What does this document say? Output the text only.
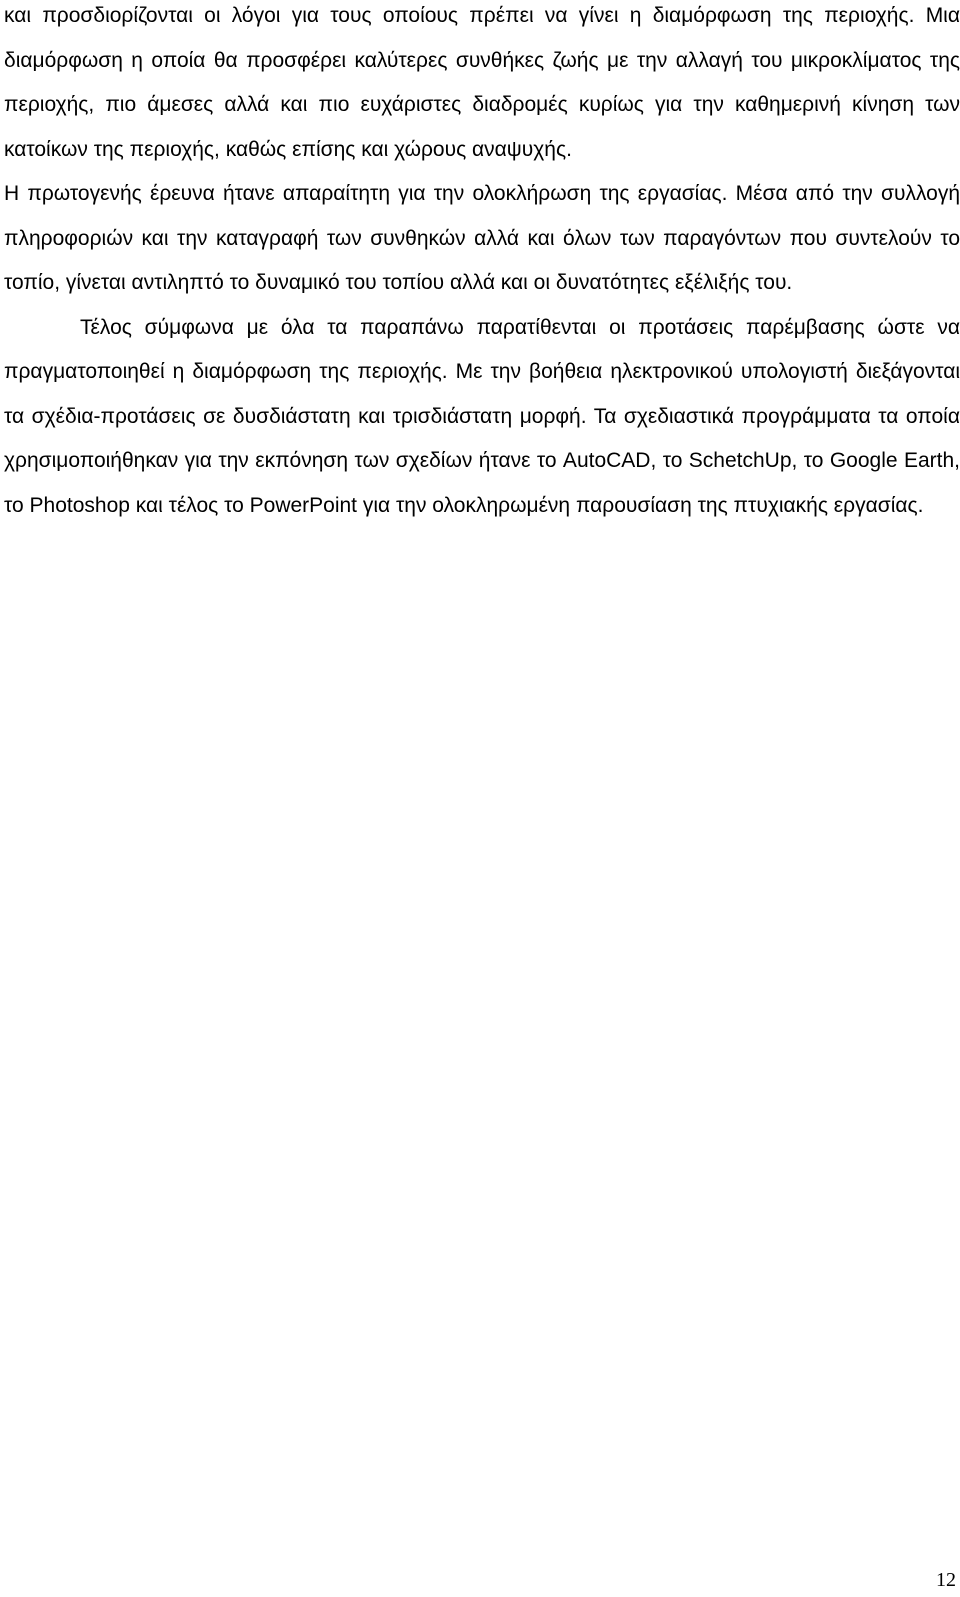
και προσδιορίζονται οι λόγοι για τους οποίους πρέπει να γίνει η διαμόρφωση της περιοχής. Μια διαμόρφωση η οποία θα προσφέρει καλύτερες συνθήκες ζωής με την αλλαγή του μικροκλίματος της περιοχής, πιο άμεσες αλλά και πιο ευχάριστες διαδρομές κυρίως για την καθημερινή κίνηση των κατοίκων της περιοχής, καθώς επίσης και χώρους αναψυχής.

Η πρωτογενής έρευνα ήτανε απαραίτητη για την ολοκλήρωση της εργασίας. Μέσα από την συλλογή πληροφοριών και την καταγραφή των συνθηκών αλλά και όλων των παραγόντων που συντελούν το τοπίο, γίνεται αντιληπτό το δυναμικό του τοπίου αλλά και οι δυνατότητες εξέλιξής του.

Τέλος σύμφωνα με όλα τα παραπάνω παρατίθενται οι προτάσεις παρέμβασης ώστε να πραγματοποιηθεί η διαμόρφωση της περιοχής. Με την βοήθεια ηλεκτρονικού υπολογιστή διεξάγονται τα σχέδια-προτάσεις σε δυσδιάστατη και τρισδιάστατη μορφή. Τα σχεδιαστικά προγράμματα τα οποία χρησιμοποιήθηκαν για την εκπόνηση των σχεδίων ήτανε το AutoCAD, το SchetchUp, το Google Earth, το Photoshop και τέλος το PowerPoint για την ολοκληρωμένη παρουσίαση της πτυχιακής εργασίας.

12
